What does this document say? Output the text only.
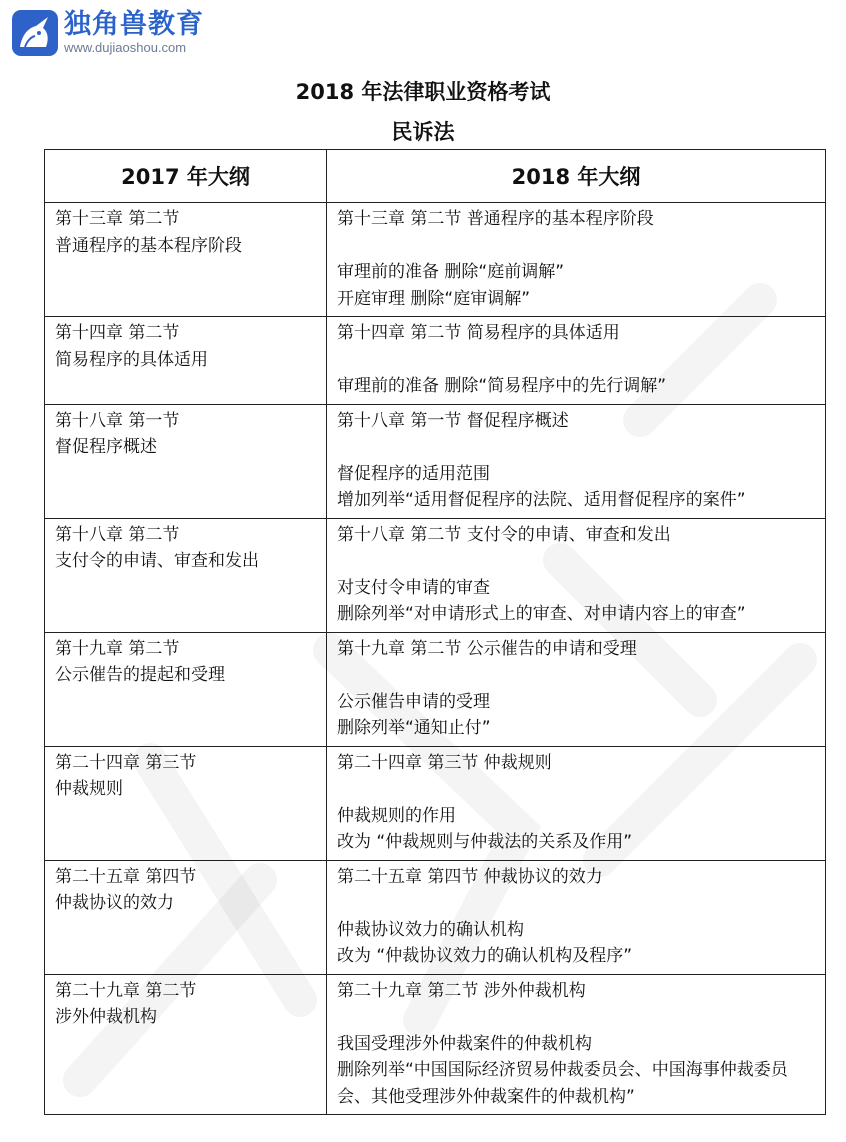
独角兽教育
www.dujiaoshou.com
2018 年法律职业资格考试
民诉法
2017 年大纲	2018 年大纲

第十三章 第二节
普通程序的基本程序阶段	第十三章 第二节 普通程序的基本程序阶段
审理前的准备 删除“庭前调解”
开庭审理 删除“庭审调解”

第十四章 第二节
简易程序的具体适用	第十四章 第二节 简易程序的具体适用
审理前的准备 删除“简易程序中的先行调解”

第十八章 第一节
督促程序概述	第十八章 第一节 督促程序概述
督促程序的适用范围
增加列举“适用督促程序的法院、适用督促程序的案件”

第十八章 第二节
支付令的申请、审查和发出	第十八章 第二节 支付令的申请、审查和发出
对支付令申请的审查
删除列举“对申请形式上的审查、对申请内容上的审查”

第十九章 第二节
公示催告的提起和受理	第十九章 第二节 公示催告的申请和受理
公示催告申请的受理
删除列举“通知止付”

第二十四章 第三节
仲裁规则	第二十四章 第三节 仲裁规则
仲裁规则的作用
改为 “仲裁规则与仲裁法的关系及作用”

第二十五章 第四节
仲裁协议的效力	第二十五章 第四节 仲裁协议的效力
仲裁协议效力的确认机构
改为 “仲裁协议效力的确认机构及程序”

第二十九章 第二节
涉外仲裁机构	第二十九章 第二节 涉外仲裁机构
我国受理涉外仲裁案件的仲裁机构
删除列举“中国国际经济贸易仲裁委员会、中国海事仲裁委员会、其他受理涉外仲裁案件的仲裁机构”
